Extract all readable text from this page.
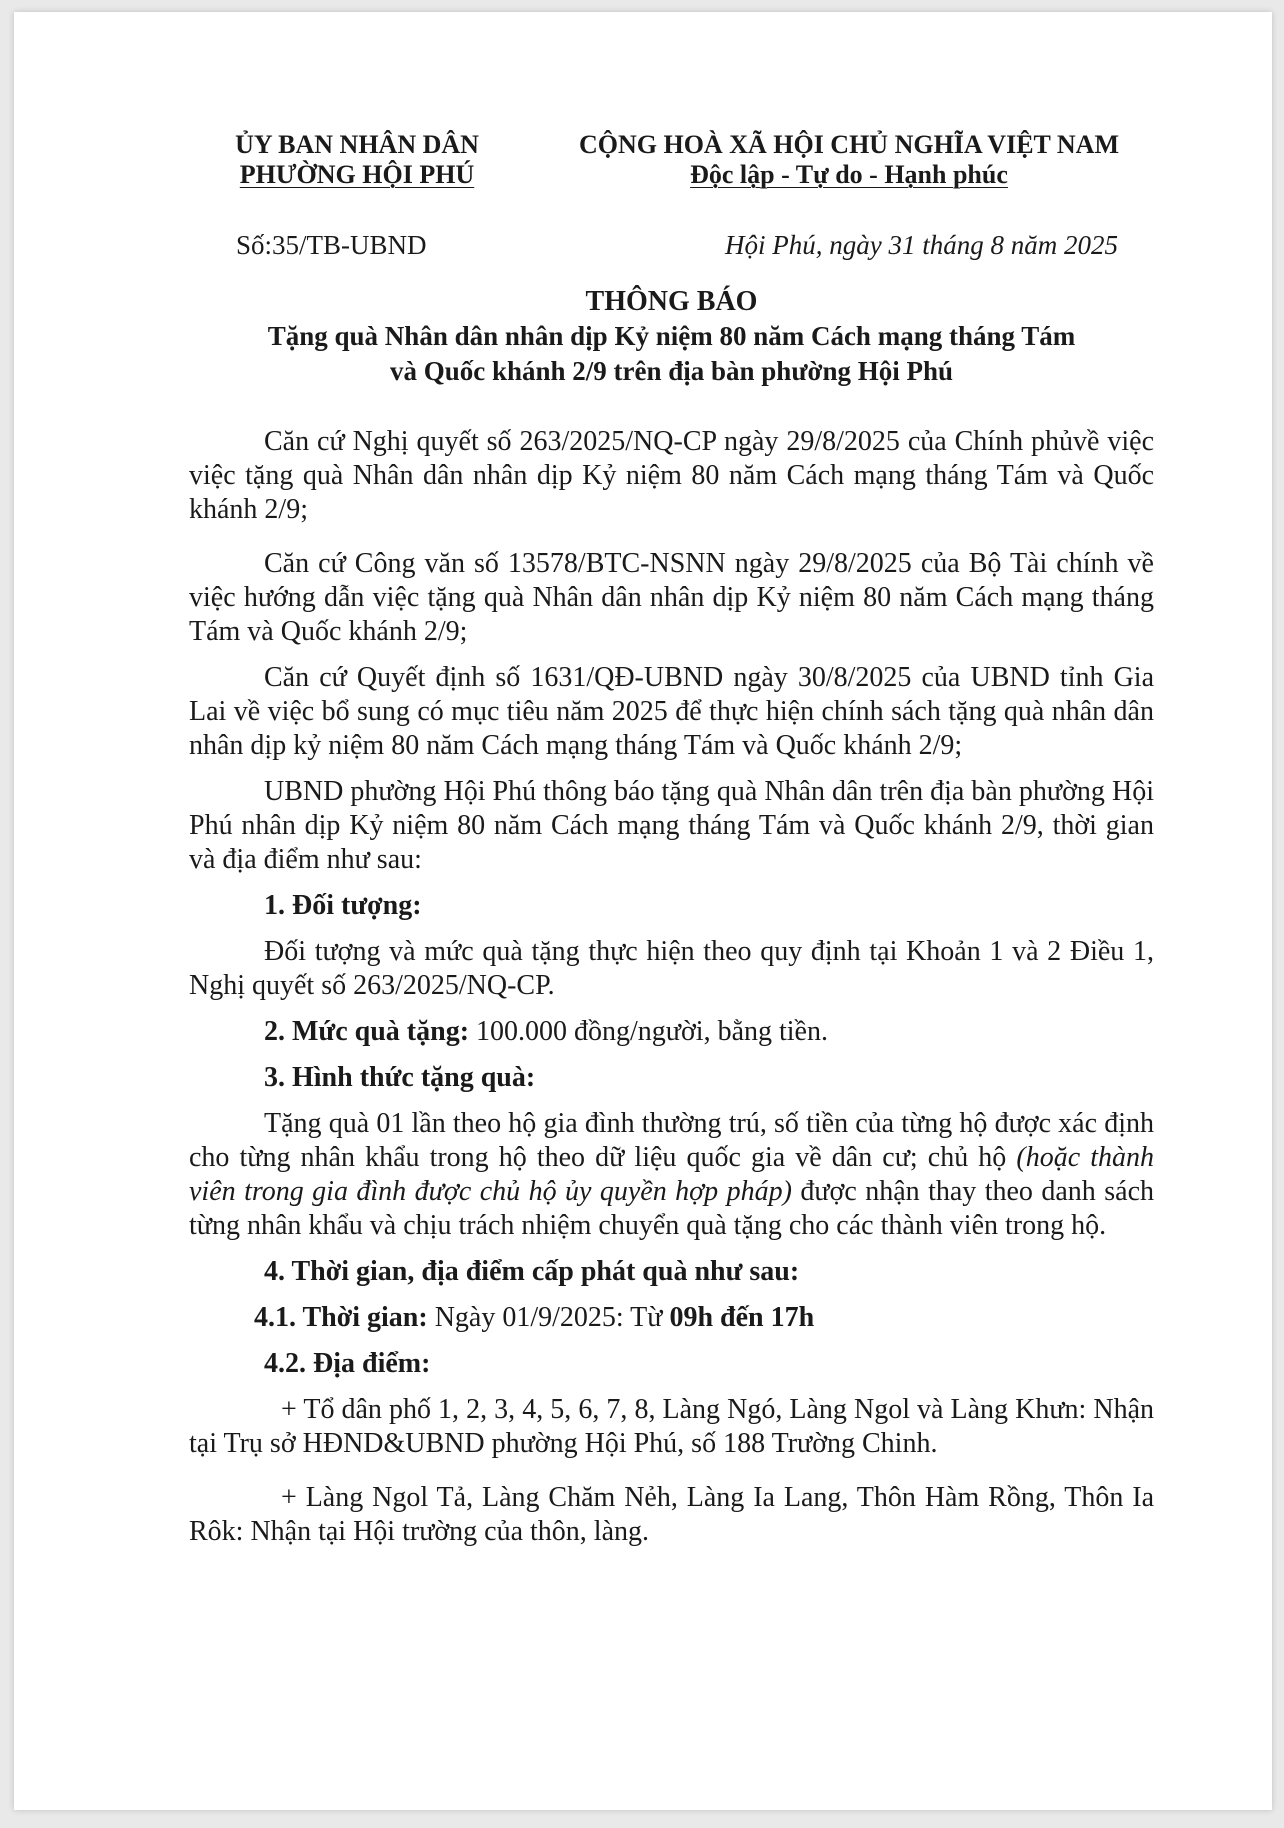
ỦY BAN NHÂN DÂN
PHƯỜNG HỘI PHÚ
CỘNG HOÀ XÃ HỘI CHỦ NGHĨA VIỆT NAM
Độc lập - Tự do - Hạnh phúc
Số:35/TB-UBND	Hội Phú, ngày 31 tháng 8 năm 2025
THÔNG BÁO
Tặng quà Nhân dân nhân dịp Kỷ niệm 80 năm Cách mạng tháng Tám
và Quốc khánh 2/9 trên địa bàn phường Hội Phú

Căn cứ Nghị quyết số 263/2025/NQ-CP ngày 29/8/2025 của Chính phủvề việc việc tặng quà Nhân dân nhân dịp Kỷ niệm 80 năm Cách mạng tháng Tám và Quốc khánh 2/9;

Căn cứ Công văn số 13578/BTC-NSNN ngày 29/8/2025 của Bộ Tài chính về việc hướng dẫn việc tặng quà Nhân dân nhân dịp Kỷ niệm 80 năm Cách mạng tháng Tám và Quốc khánh 2/9;

Căn cứ Quyết định số 1631/QĐ-UBND ngày 30/8/2025 của UBND tỉnh Gia Lai về việc bổ sung có mục tiêu năm 2025 để thực hiện chính sách tặng quà nhân dân nhân dịp kỷ niệm 80 năm Cách mạng tháng Tám và Quốc khánh 2/9;

UBND phường Hội Phú thông báo tặng quà Nhân dân trên địa bàn phường Hội Phú nhân dịp Kỷ niệm 80 năm Cách mạng tháng Tám và Quốc khánh 2/9, thời gian và địa điểm như sau:

1. Đối tượng:

Đối tượng và mức quà tặng thực hiện theo quy định tại Khoản 1 và 2 Điều 1, Nghị quyết số 263/2025/NQ-CP.

2. Mức quà tặng: 100.000 đồng/người, bằng tiền.

3. Hình thức tặng quà:

Tặng quà 01 lần theo hộ gia đình thường trú, số tiền của từng hộ được xác định cho từng nhân khẩu trong hộ theo dữ liệu quốc gia về dân cư; chủ hộ (hoặc thành viên trong gia đình được chủ hộ ủy quyền hợp pháp) được nhận thay theo danh sách từng nhân khẩu và chịu trách nhiệm chuyển quà tặng cho các thành viên trong hộ.

4. Thời gian, địa điểm cấp phát quà như sau:

4.1. Thời gian: Ngày 01/9/2025: Từ 09h đến 17h

4.2. Địa điểm:

+ Tổ dân phố 1, 2, 3, 4, 5, 6, 7, 8, Làng Ngó, Làng Ngol và Làng Khưn: Nhận tại Trụ sở HĐND&UBND phường Hội Phú, số 188 Trường Chinh.

+ Làng Ngol Tả, Làng Chăm Nẻh, Làng Ia Lang, Thôn Hàm Rồng, Thôn Ia Rôk: Nhận tại Hội trường của thôn, làng.
